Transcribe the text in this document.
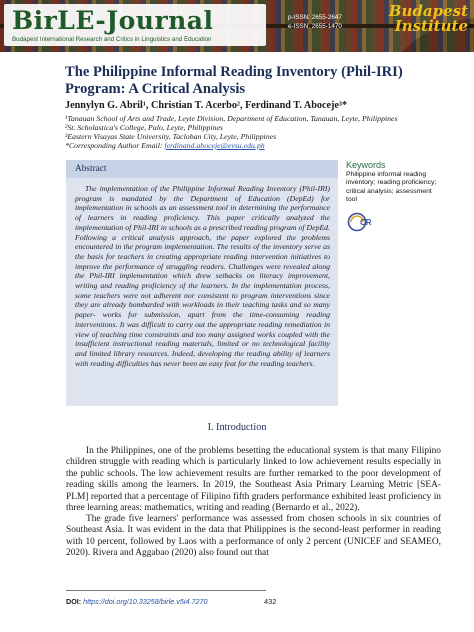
BirLE-Journal
Budapest International Research and Critics in Linguistics and Education
p-ISSN: 2655-2647
e-ISSN: 2655-1470
Budapest
Institute
The Philippine Informal Reading Inventory (Phil-IRI) Program: A Critical Analysis
Jennylyn G. Abril¹, Christian T. Acerbo², Ferdinand T. Aboceje³*
¹Tanauan School of Arts and Trade, Leyte Division, Department of Education, Tanauan, Leyte, Philippines
²St. Scholastica's College, Palo, Leyte, Philippines
³Eastern Visayas State University, Tacloban City, Leyte, Philippines
*Corresponding Author Email: ferdinand.aboceje@evsu.edu.ph
Abstract
The implementation of the Philippine Informal Reading Inventory (Phil-IRI) program is mandated by the Department of Education (DepEd) for implementation in schools as an assessment tool in determining the performance of learners in reading proficiency. This paper critically analyzed the implementation of Phil-IRI in schools as a prescribed reading program of DepEd. Following a critical analysis approach, the paper explored the problems encountered in the program implementation. The results of the inventory serve as the basis for teachers in creating appropriate reading intervention initiatives to improve the performance of struggling readers. Challenges were revealed along the Phil-IRI implementation which drew setbacks on literacy improvement, writing and reading proficiency of the learners. In the implementation process, some teachers were not adherent nor consistent to program interventions since they are already bombarded with workloads in their teaching tasks and so many paper- works for submission, apart from the time-consuming reading interventions. It was difficult to carry out the appropriate reading remediation in view of teaching time constraints and too many assigned works coupled with the insufficient instructional reading materials, limited or no technological facility and limited library resources. Indeed, developing the reading ability of learners with reading difficulties has never been an easy feat for the reading teachers.
Keywords
Philippine informal reading inventory; reading proficiency; critical analysis; assessment tool
CR
I. Introduction
In the Philippines, one of the problems besetting the educational system is that many Filipino children struggle with reading which is particularly linked to low achievement results especially in the public schools. The low achievement results are further remarked to the poor development of reading skills among the learners. In 2019, the Southeast Asia Primary Learning Metric [SEA-PLM] reported that a percentage of Filipino fifth graders performance exhibited least proficiency in three learning areas: mathematics, writing and reading (Bernardo et al., 2022).
The grade five learners' performance was assessed from chosen schools in six countries of Southeast Asia. It was evident in the data that Philippines is the second-least performer in reading with 10 percent, followed by Laos with a performance of only 2 percent (UNICEF and SEAMEO, 2020). Rivera and Aggabao (2020) also found out that
DOI: https://doi.org/10.33258/birle.v5i4.7270	432
